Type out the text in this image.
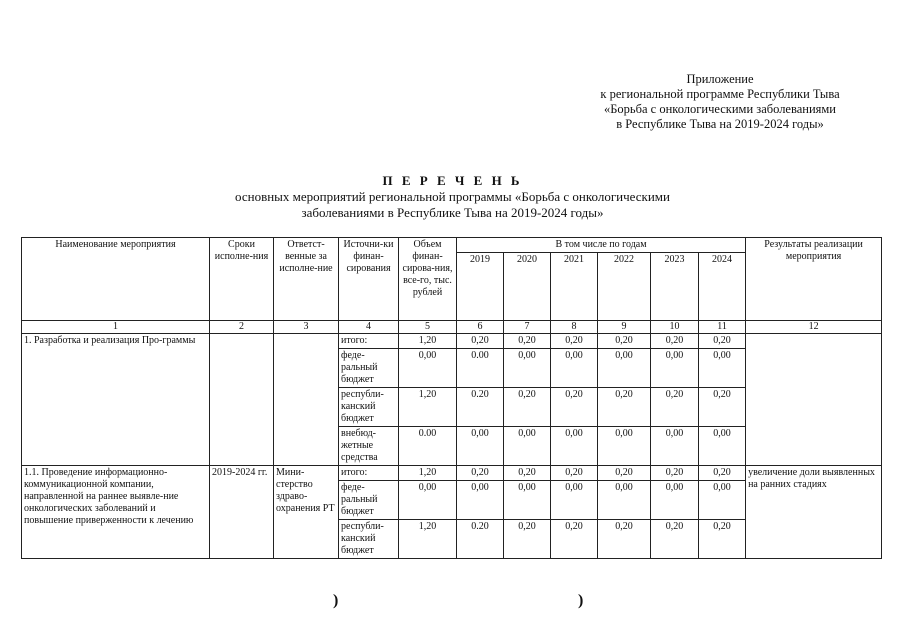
Приложение
к региональной программе Республики Тыва
«Борьба с онкологическими заболеваниями
в Республике Тыва на 2019-2024 годы»
П Е Р Е Ч Е Н Ь
основных мероприятий региональной программы «Борьба с онкологическими
заболеваниями в Республике Тыва на 2019-2024 годы»
Наименование мероприятия	Сроки исполне-ния	Ответст-венные за исполне-ние	Источни-ки финан-сирования	Объем финан-сирова-ния, все-го, тыс. рублей	В том числе по годам						Результаты реализации мероприятия
					2019	2020	2021	2022	2023	2024	
1	2	3	4	5	6	7	8	9	10	11	12
1. Разработка и реализация Про-граммы			итого:	1,20	0,20	0,20	0,20	0,20	0,20	0,20	
			феде-ральный бюджет	0,00	0.00	0,00	0,00	0,00	0,00	0,00	
			республи-канский бюджет	1,20	0.20	0,20	0,20	0,20	0,20	0,20	
			внебюд-жетные средства	0.00	0,00	0,00	0,00	0,00	0,00	0,00	
1.1. Проведение информационно-коммуникационной компании, направленной на раннее выявле-ние онкологических заболеваний и повышение приверженности к лечению	2019-2024 гг.	Мини-стерство здраво-охранения РТ	итого:	1,20	0,20	0,20	0,20	0,20	0,20	0,20	увеличение доли выявленных на ранних стадиях
			феде-ральный бюджет	0,00	0,00	0,00	0,00	0,00	0,00	0,00	
			республи-канский бюджет	1,20	0.20	0,20	0,20	0,20	0,20	0,20	
)	)
